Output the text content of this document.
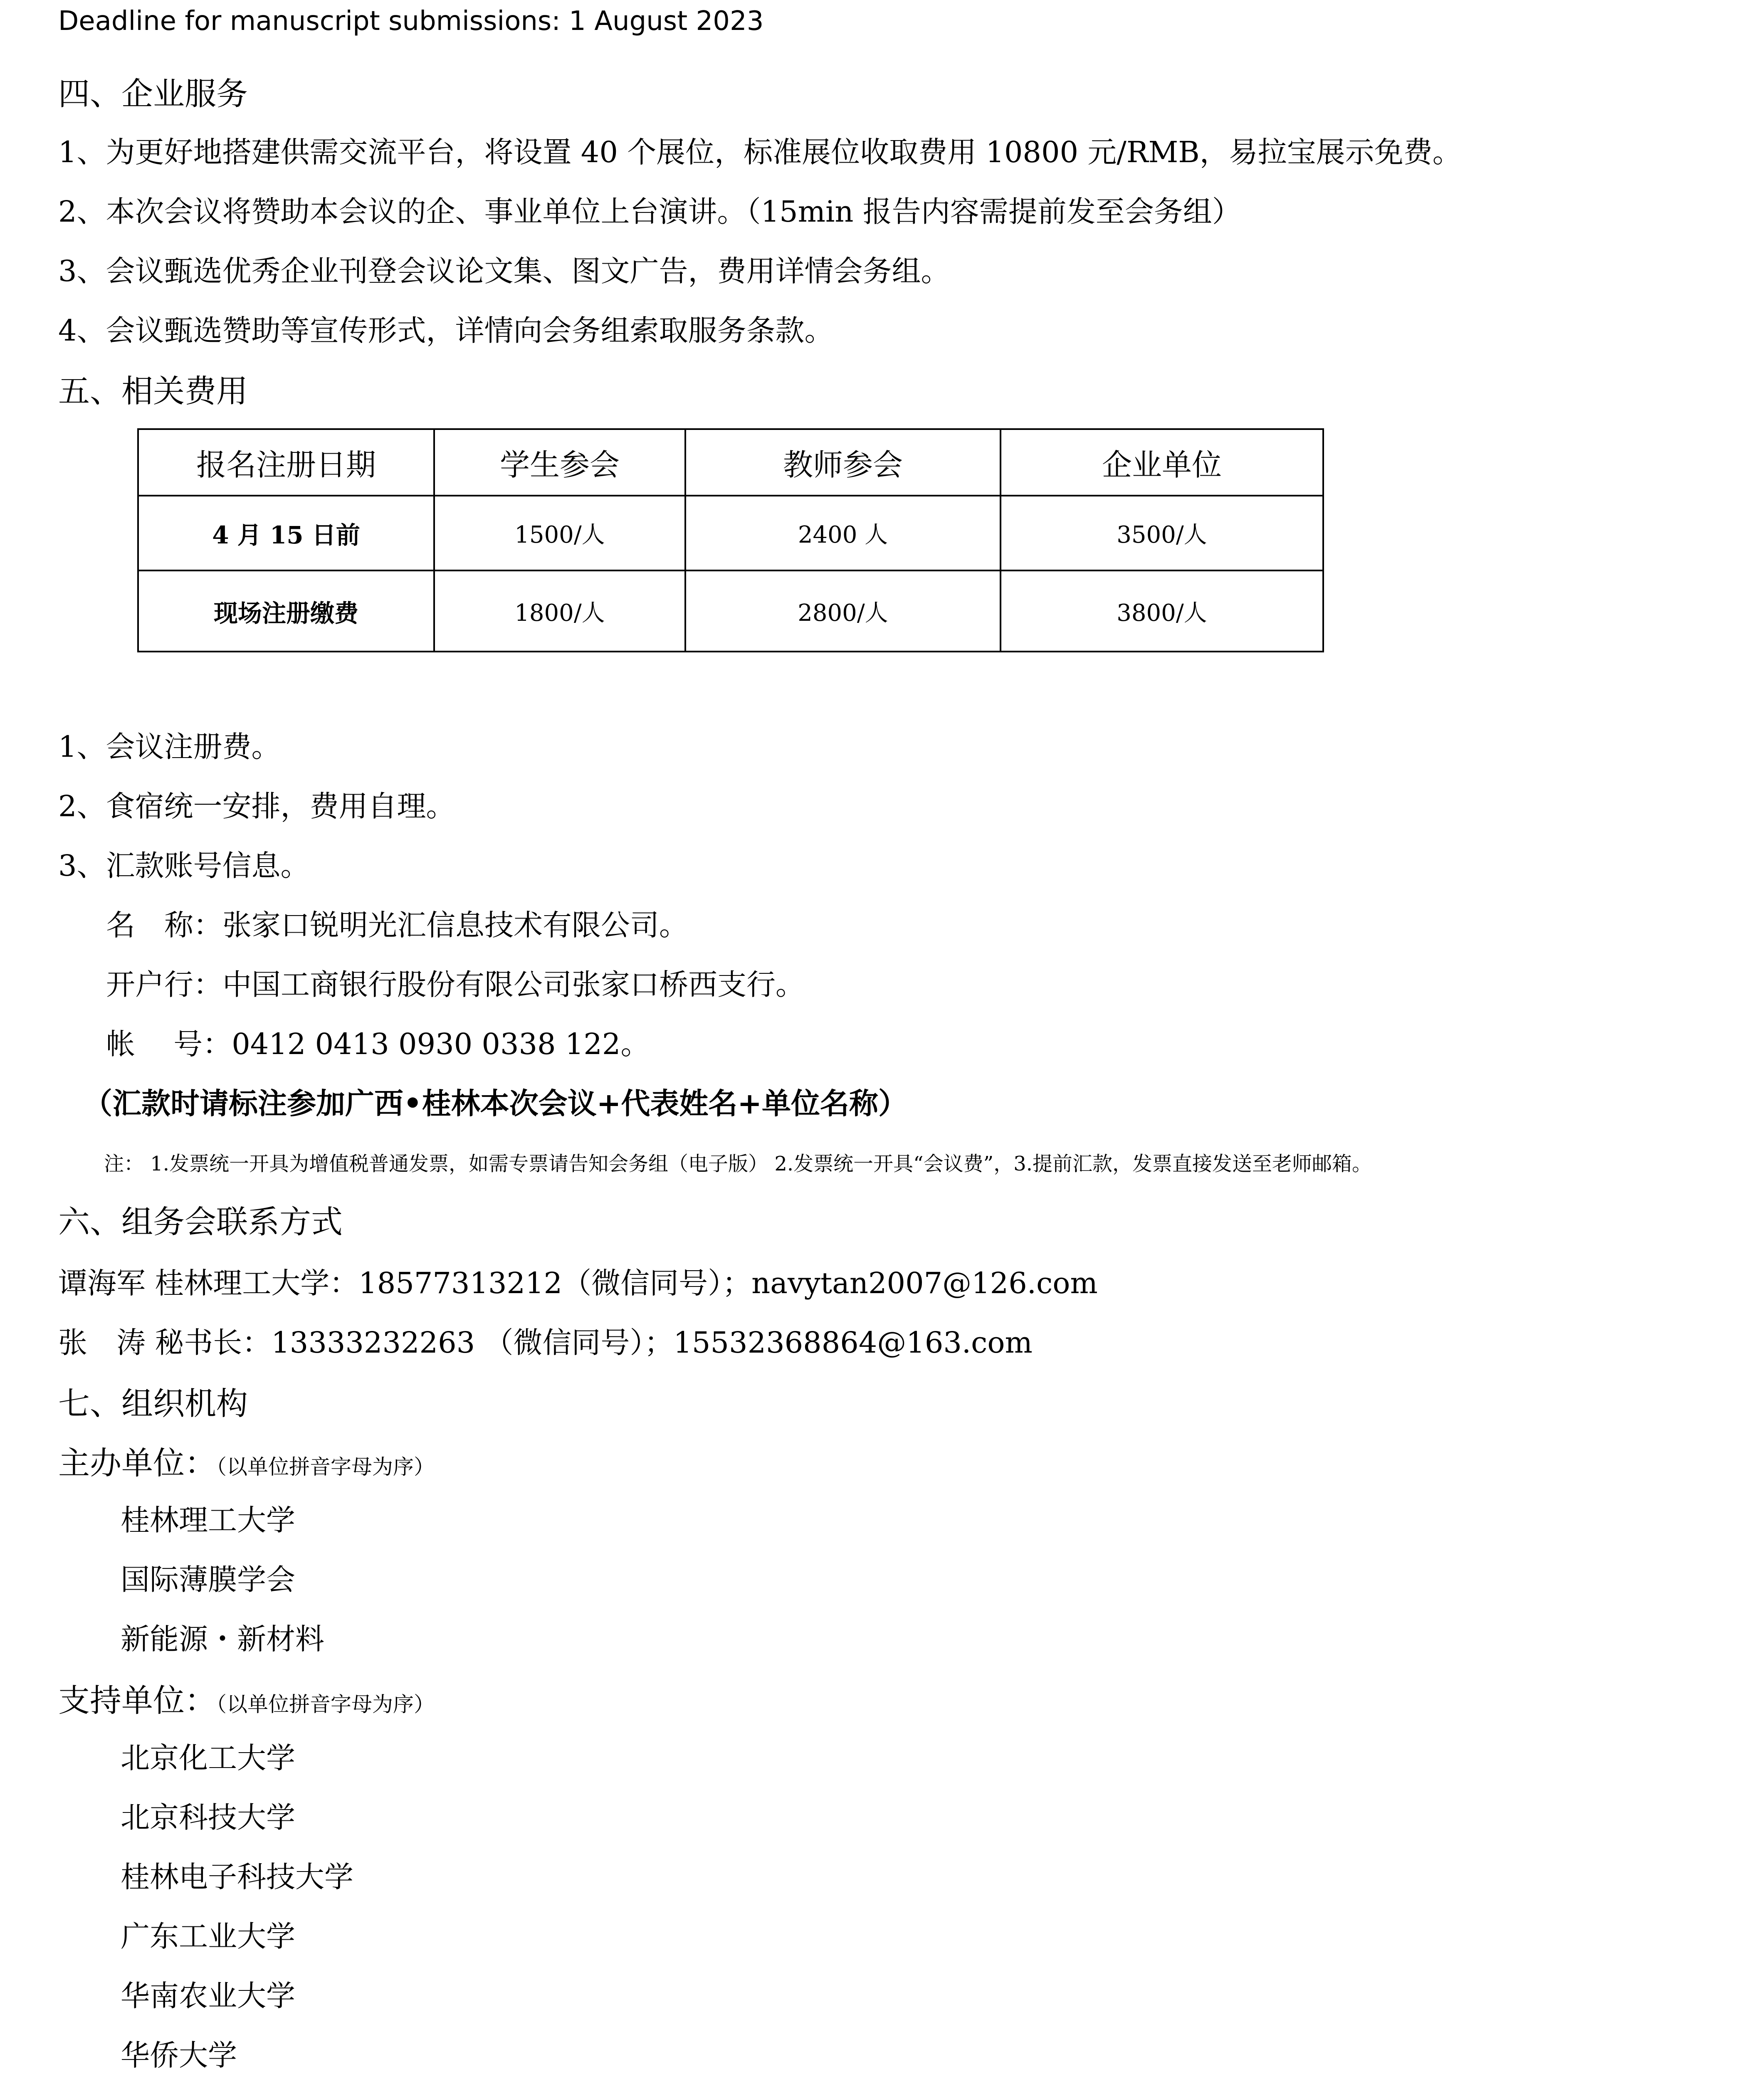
Deadline for manuscript submissions: 1 August 2023
四、企业服务
1、为更好地搭建供需交流平台，将设置 40 个展位，标准展位收取费用 10800 元/RMB，易拉宝展示免费。
2、本次会议将赞助本会议的企、事业单位上台演讲。（15min 报告内容需提前发至会务组）
3、会议甄选优秀企业刊登会议论文集、图文广告，费用详情会务组。
4、会议甄选赞助等宣传形式，详情向会务组索取服务条款。
五、相关费用
报名注册日期	学生参会	教师参会	企业单位
4 月 15 日前	1500/人	2400 人	3500/人
现场注册缴费	1800/人	2800/人	3800/人
1、会议注册费。
2、食宿统一安排，费用自理。
3、汇款账号信息。
名　称：张家口锐明光汇信息技术有限公司。
开户行：中国工商银行股份有限公司张家口桥西支行。
帐　 号：0412 0413 0930 0338 122。
（汇款时请标注参加广西•桂林本次会议+代表姓名+单位名称）
注： 1.发票统一开具为增值税普通发票，如需专票请告知会务组（电子版） 2.发票统一开具“会议费”，3.提前汇款，发票直接发送至老师邮箱。
六、组务会联系方式
谭海军 桂林理工大学：18577313212（微信同号）；navytan2007@126.com
张　涛 秘书长：13333232263 （微信同号）；15532368864@163.com
七、组织机构
主办单位：（以单位拼音字母为序）
桂林理工大学
国际薄膜学会
新能源・新材料
支持单位：（以单位拼音字母为序）
北京化工大学
北京科技大学
桂林电子科技大学
广东工业大学
华南农业大学
华侨大学
